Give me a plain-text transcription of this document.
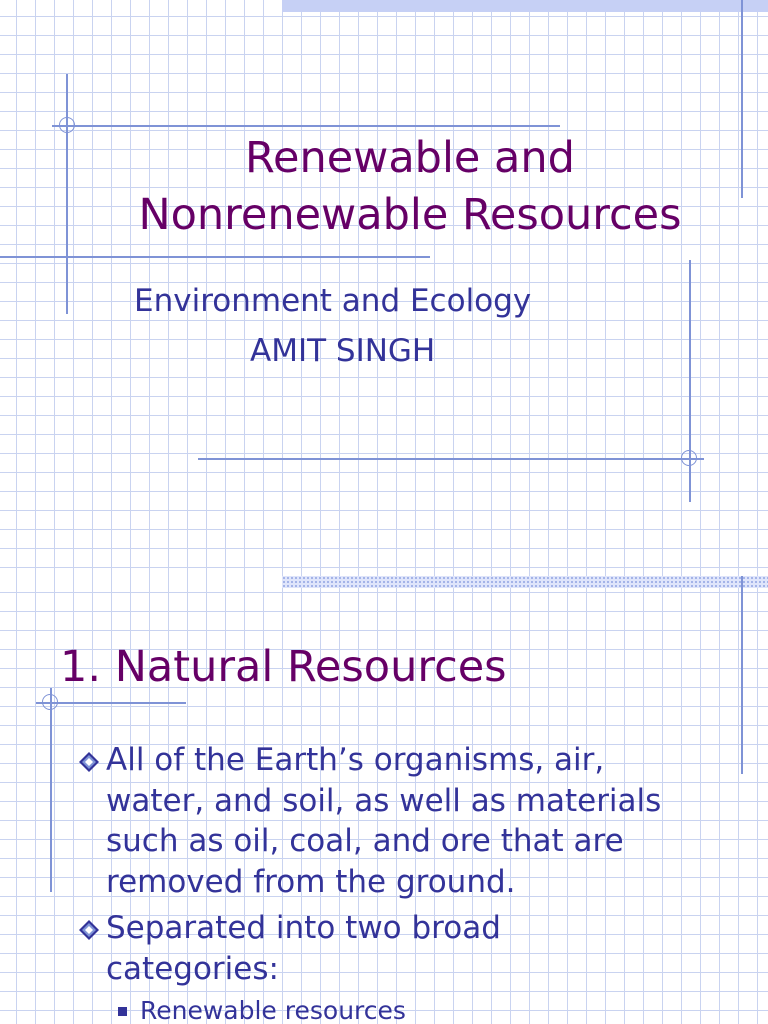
Renewable and
Nonrenewable Resources

Environment and Ecology

AMIT SINGH

1. Natural Resources
All of the Earth’s organisms, air,
water, and soil, as well as materials
such as oil, coal, and ore that are
removed from the ground.
Separated into two broad
categories:
Renewable resources
